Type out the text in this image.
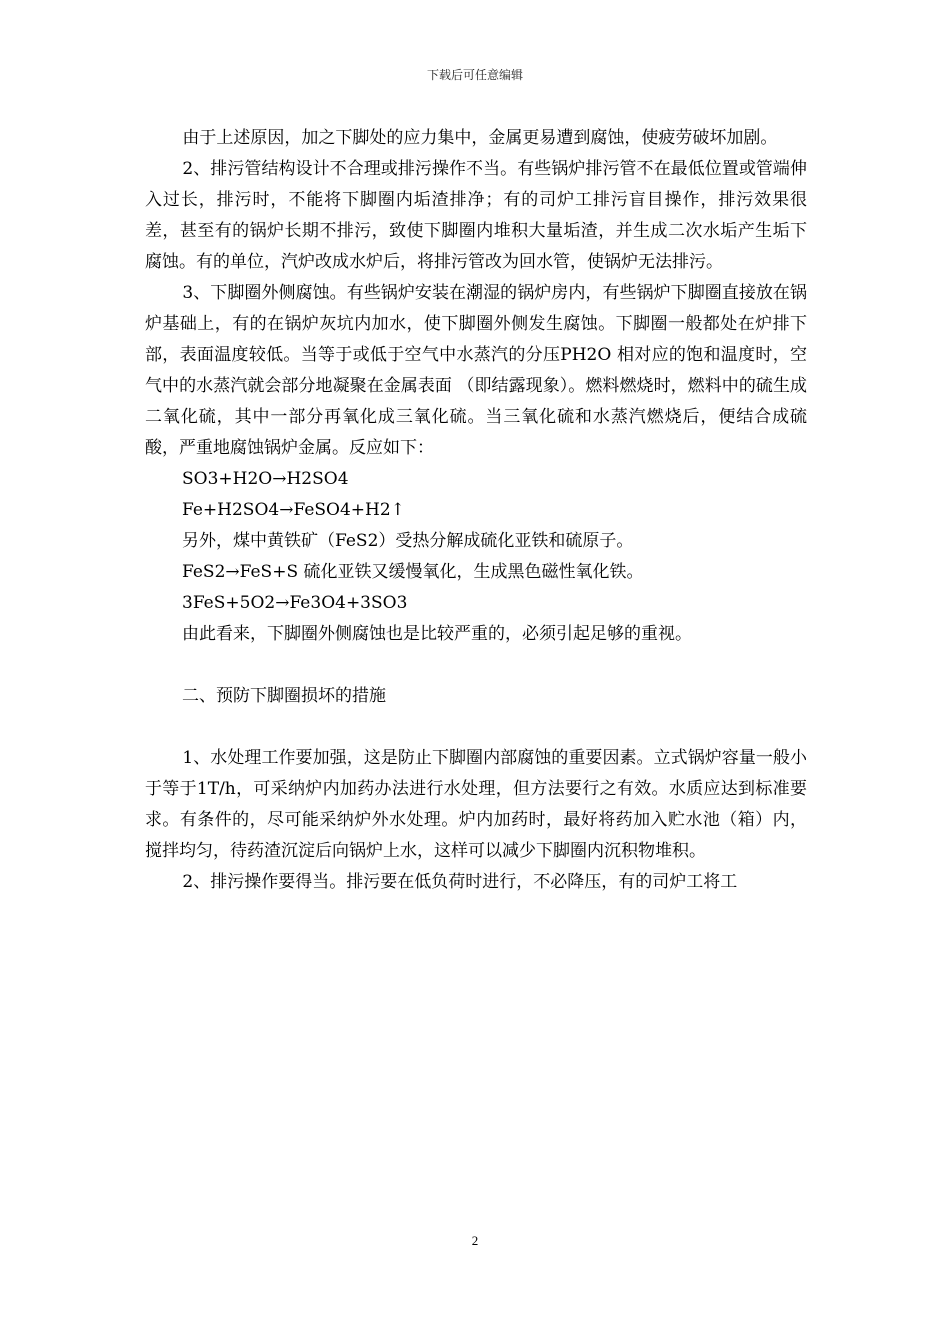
下载后可任意编辑

由于上述原因，加之下脚处的应力集中，金属更易遭到腐蚀，使疲劳破坏加剧。

2、排污管结构设计不合理或排污操作不当。有些锅炉排污管不在最低位置或管端伸入过长，排污时，不能将下脚圈内垢渣排净；有的司炉工排污盲目操作，排污效果很差，甚至有的锅炉长期不排污，致使下脚圈内堆积大量垢渣，并生成二次水垢产生垢下腐蚀。有的单位，汽炉改成水炉后，将排污管改为回水管，使锅炉无法排污。

3、下脚圈外侧腐蚀。有些锅炉安装在潮湿的锅炉房内，有些锅炉下脚圈直接放在锅炉基础上，有的在锅炉灰坑内加水，使下脚圈外侧发生腐蚀。下脚圈一般都处在炉排下部，表面温度较低。当等于或低于空气中水蒸汽的分压PH2O 相对应的饱和温度时，空气中的水蒸汽就会部分地凝聚在金属表面 （即结露现象）。燃料燃烧时，燃料中的硫生成二氧化硫，其中一部分再氧化成三氧化硫。当三氧化硫和水蒸汽燃烧后，便结合成硫酸，严重地腐蚀锅炉金属。反应如下：

SO3+H2O→H2SO4

Fe+H2SO4→FeSO4+H2↑

另外，煤中黄铁矿（FeS2）受热分解成硫化亚铁和硫原子。

FeS2→FeS+S 硫化亚铁又缓慢氧化，生成黑色磁性氧化铁。

3FeS+5O2→Fe3O4+3SO3

由此看来，下脚圈外侧腐蚀也是比较严重的，必须引起足够的重视。

二、预防下脚圈损坏的措施

1、水处理工作要加强，这是防止下脚圈内部腐蚀的重要因素。立式锅炉容量一般小于等于1T/h，可采纳炉内加药办法进行水处理，但方法要行之有效。水质应达到标准要求。有条件的，尽可能采纳炉外水处理。炉内加药时，最好将药加入贮水池（箱）内，搅拌均匀，待药渣沉淀后向锅炉上水，这样可以减少下脚圈内沉积物堆积。

2、排污操作要得当。排污要在低负荷时进行，不必降压，有的司炉工将工

2
